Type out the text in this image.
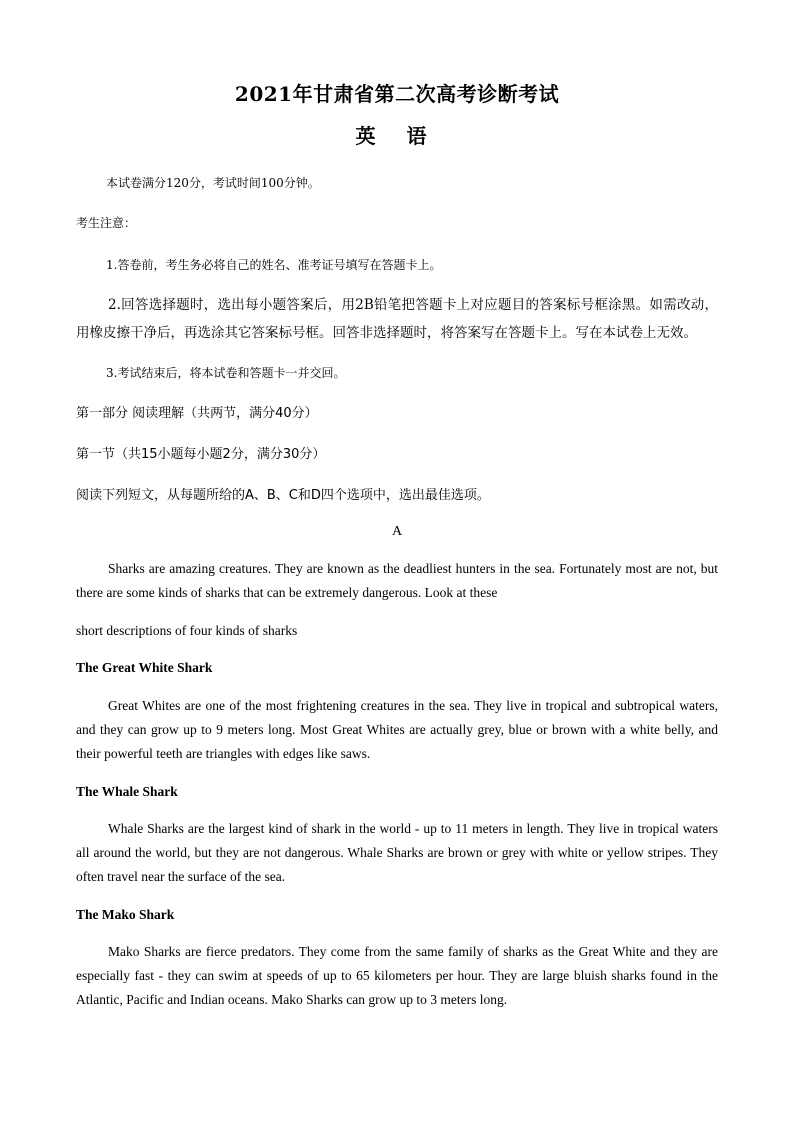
2021年甘肃省第二次高考诊断考试
英 语
本试卷满分120分，考试时间100分钟。
考生注意：
1.答卷前，考生务必将自己的姓名、准考证号填写在答题卡上。
2.回答选择题时，选出每小题答案后，用2B铅笔把答题卡上对应题目的答案标号框涂黑。如需改动，用橡皮擦干净后，再选涂其它答案标号框。回答非选择题时，将答案写在答题卡上。写在本试卷上无效。
3.考试结束后，将本试卷和答题卡一并交回。
第一部分 阅读理解（共两节，满分40分）
第一节（共15小题每小题2分，满分30分）
阅读下列短文，从每题所给的A、B、C和D四个选项中，选出最佳选项。
A
Sharks are amazing creatures. They are known as the deadliest hunters in the sea. Fortunately most are not, but there are some kinds of sharks that can be extremely dangerous. Look at these
short descriptions of four kinds of sharks
The Great White Shark
Great Whites are one of the most frightening creatures in the sea. They live in tropical and subtropical waters, and they can grow up to 9 meters long. Most Great Whites are actually grey, blue or brown with a white belly, and their powerful teeth are triangles with edges like saws.
The Whale Shark
Whale Sharks are the largest kind of shark in the world - up to 11 meters in length. They live in tropical waters all around the world, but they are not dangerous. Whale Sharks are brown or grey with white or yellow stripes. They often travel near the surface of the sea.
The Mako Shark
Mako Sharks are fierce predators. They come from the same family of sharks as the Great White and they are especially fast - they can swim at speeds of up to 65 kilometers per hour. They are large bluish sharks found in the Atlantic, Pacific and Indian oceans. Mako Sharks can grow up to 3 meters long.
